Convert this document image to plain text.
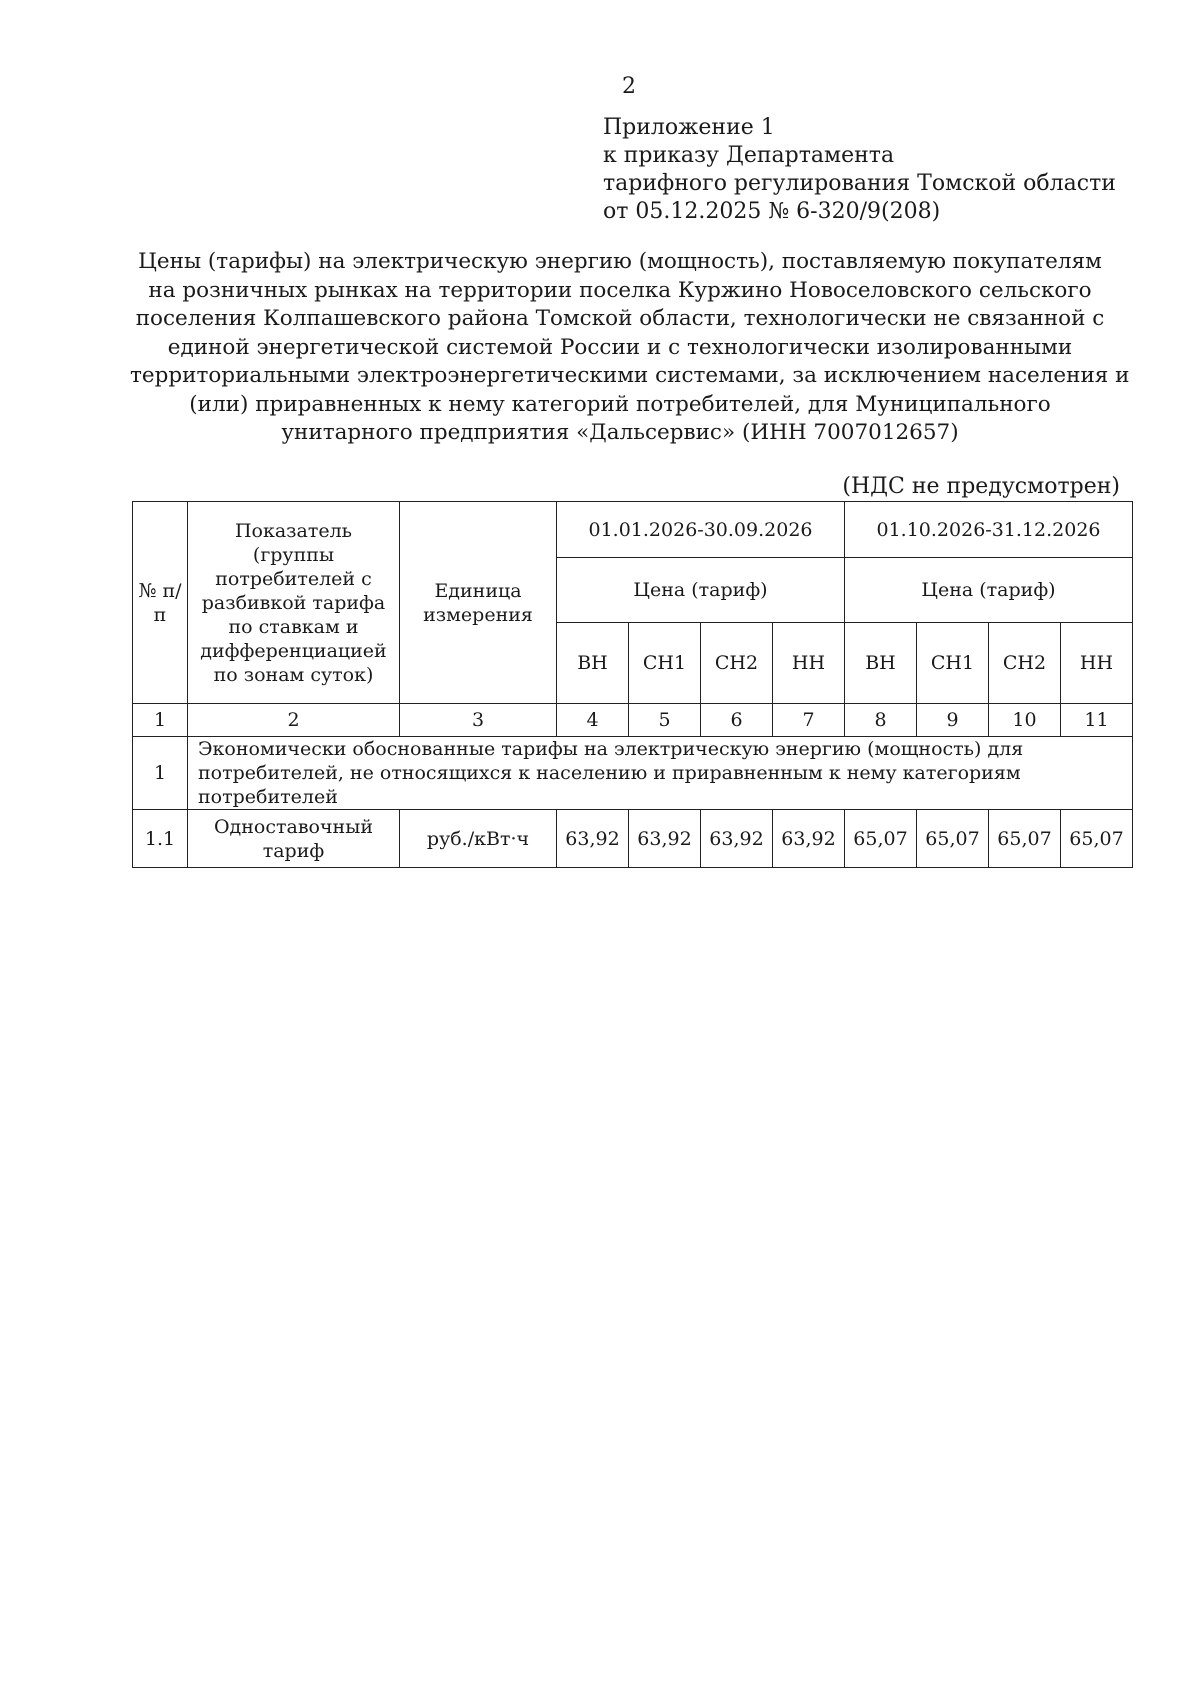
2
Приложение 1
к приказу Департамента
тарифного регулирования Томской области
от 05.12.2025 № 6-320/9(208)
Цены (тарифы) на электрическую энергию (мощность), поставляемую покупателям
на розничных рынках на территории поселка Куржино Новоселовского сельского
поселения Колпашевского района Томской области, технологически не связанной с
единой энергетической системой России и с технологически изолированными
территориальными электроэнергетическими системами, за исключением населения и
(или) приравненных к нему категорий потребителей, для Муниципального
унитарного предприятия «Дальсервис» (ИНН 7007012657)
(НДС не предусмотрен)
№ п/п	Показатель (группы потребителей с разбивкой тарифа по ставкам и дифференциацией по зонам суток)	Единица измерения	01.01.2026-30.09.2026				01.10.2026-31.12.2026			
			Цена (тариф)				Цена (тариф)			
			ВН	СН1	СН2	НН	ВН	СН1	СН2	НН
1	2	3	4	5	6	7	8	9	10	11
1	Экономически обоснованные тарифы на электрическую энергию (мощность) для потребителей, не относящихся к населению и приравненным к нему категориям потребителей									
1.1	Одноставочный тариф	руб./кВт·ч	63,92	63,92	63,92	63,92	65,07	65,07	65,07	65,07
